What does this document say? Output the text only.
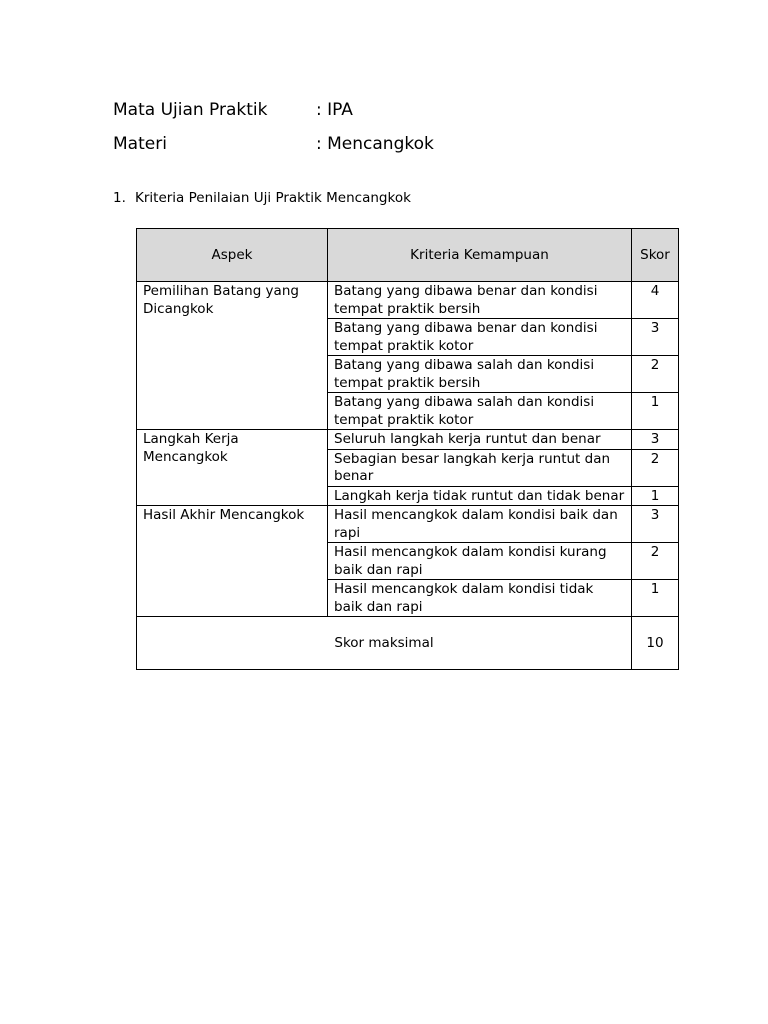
Mata Ujian Praktik	: IPA
Materi	: Mencangkok
1. Kriteria Penilaian Uji Praktik Mencangkok
Aspek	Kriteria Kemampuan	Skor
Pemilihan Batang yang Dicangkok	Batang yang dibawa benar dan kondisi tempat praktik bersih	4
	Batang yang dibawa benar dan kondisi tempat praktik kotor	3
	Batang yang dibawa salah dan kondisi tempat praktik bersih	2
	Batang yang dibawa salah dan kondisi tempat praktik kotor	1
Langkah Kerja Mencangkok	Seluruh langkah kerja runtut dan benar	3
	Sebagian besar langkah kerja runtut dan benar	2
	Langkah kerja tidak runtut dan tidak benar	1
Hasil Akhir Mencangkok	Hasil mencangkok dalam kondisi baik dan rapi	3
	Hasil mencangkok dalam kondisi kurang baik dan rapi	2
	Hasil mencangkok dalam kondisi tidak baik dan rapi	1
Skor maksimal		10
